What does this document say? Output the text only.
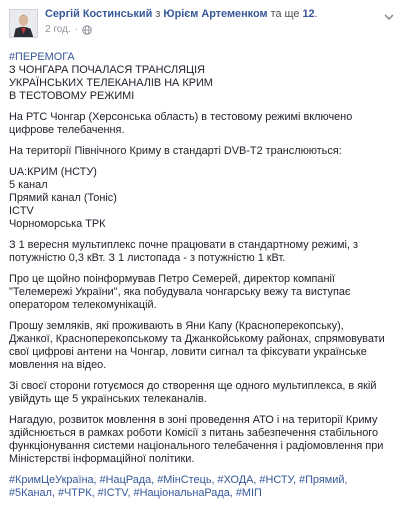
Сергій Костинський з Юрієм Артеменком та ще 12.
2 год. ·
#ПЕРЕМОГА
З ЧОНГАРА ПОЧАЛАСЯ ТРАНСЛЯЦІЯ
УКРАЇНСЬКИХ ТЕЛЕКАНАЛІВ НА КРИМ
В ТЕСТОВОМУ РЕЖИМІ
На РТС Чонгар (Херсонська область) в тестовому режимі включено
цифрове телебачення.
На території Північного Криму в стандарті DVB-T2 транслюються:
UA:КРИМ (НСТУ)
5 канал
Прямий канал (Тоніс)
ICTV
Чорноморська ТРК
З 1 вересня мультиплекс почне працювати в стандартному режимі, з
потужністю 0,3 кВт. З 1 листопада - з потужністю 1 кВт.
Про це щойно поінформував Петро Семерей, директор компанії
"Телемережі України", яка побудувала чонгарську вежу та виступає
оператором телекомунікацій.
Прошу земляків, які проживають в Яни Капу (Красноперекопську),
Джанкої, Красноперекопському та Джанкойському районах, спрямовувати
свої цифрові антени на Чонгар, ловити сигнал та фіксувати українське
мовлення на відео.
Зі своєї сторони готуємося до створення ще одного мультиплекса, в якій
увійдуть ще 5 українських телеканалів.
Нагадую, розвиток мовлення в зоні проведення АТО і на території Криму
здійснюється в рамках роботи Комісії з питань забезпечення стабільного
функціонування системи національного телебачення і радіомовлення при
Міністерстві інформаційної політики.
#КримЦеУкраїна, #НацРада, #МінСтець, #ХОДА, #НСТУ, #Прямий,
#5Канал, #ЧТРК, #ICTV, #НаціональнаРада, #МІП
